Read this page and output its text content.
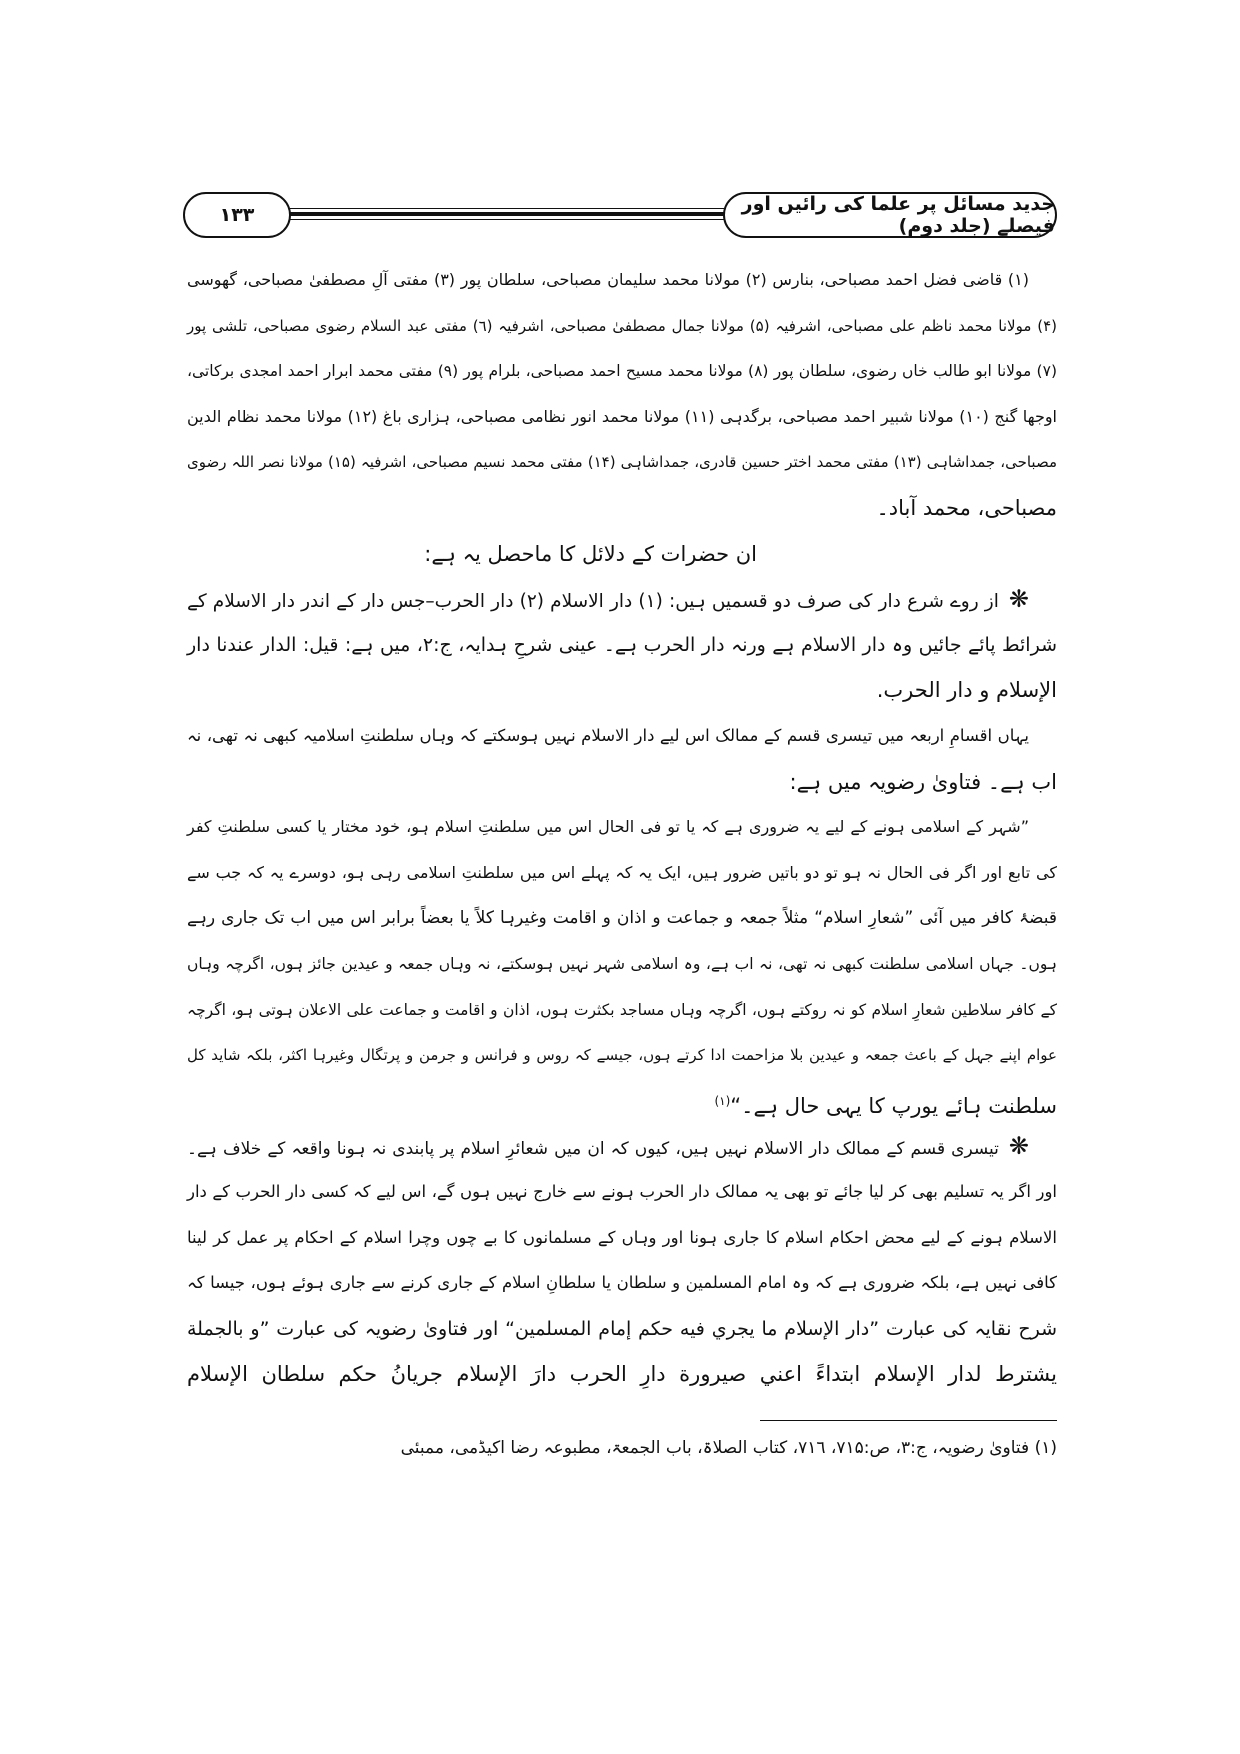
جدید مسائل پر علما کی رائیں اور فیصلے (جلد دوم)
۱۳۳
(۱) قاضی فضل احمد مصباحی، بنارس (۲) مولانا محمد سلیمان مصباحی، سلطان پور (۳) مفتی آلِ مصطفیٰ مصباحی، گھوسی
(۴) مولانا محمد ناظم علی مصباحی، اشرفیہ (۵) مولانا جمال مصطفیٰ مصباحی، اشرفیہ (٦) مفتی عبد السلام رضوی مصباحی، تلشی پور
(۷) مولانا ابو طالب خاں رضوی، سلطان پور (۸) مولانا محمد مسیح احمد مصباحی، بلرام پور (۹) مفتی محمد ابرار احمد امجدی برکاتی،
اوجھا گنج (۱۰) مولانا شبیر احمد مصباحی، برگدہی (۱۱) مولانا محمد انور نظامی مصباحی، ہزاری باغ (۱۲) مولانا محمد نظام الدین
مصباحی، جمداشاہی (۱۳) مفتی محمد اختر حسین قادری، جمداشاہی (۱۴) مفتی محمد نسیم مصباحی، اشرفیہ (۱۵) مولانا نصر اللہ رضوی
مصباحی، محمد آباد۔
ان حضرات کے دلائل کا ماحصل یہ ہے:
❋از روے شرع دار کی صرف دو قسمیں ہیں: (۱) دار الاسلام (۲) دار الحرب–جس دار کے اندر دار الاسلام کے
شرائط پائے جائیں وہ دار الاسلام ہے ورنہ دار الحرب ہے۔ عینی شرحِ ہدایہ، ج:۲، میں ہے: قیل: الدار عندنا دار
الإسلام و دار الحرب.
یہاں اقسامِ اربعہ میں تیسری قسم کے ممالک اس لیے دار الاسلام نہیں ہوسکتے کہ وہاں سلطنتِ اسلامیہ کبھی نہ تھی، نہ
اب ہے۔ فتاویٰ رضویہ میں ہے:
”شہر کے اسلامی ہونے کے لیے یہ ضروری ہے کہ یا تو فی الحال اس میں سلطنتِ اسلام ہو، خود مختار یا کسی سلطنتِ کفر
کی تابع اور اگر فی الحال نہ ہو تو دو باتیں ضرور ہیں، ایک یہ کہ پہلے اس میں سلطنتِ اسلامی رہی ہو، دوسرے یہ کہ جب سے
قبضۂ کافر میں آئی ”شعارِ اسلام“ مثلاً جمعہ و جماعت و اذان و اقامت وغیرہا کلاً یا بعضاً برابر اس میں اب تک جاری رہے
ہوں۔ جہاں اسلامی سلطنت کبھی نہ تھی، نہ اب ہے، وہ اسلامی شہر نہیں ہوسکتے، نہ وہاں جمعہ و عیدین جائز ہوں، اگرچہ وہاں
کے کافر سلاطین شعارِ اسلام کو نہ روکتے ہوں، اگرچہ وہاں مساجد بکثرت ہوں، اذان و اقامت و جماعت علی الاعلان ہوتی ہو، اگرچہ
عوام اپنے جہل کے باعث جمعہ و عیدین بلا مزاحمت ادا کرتے ہوں، جیسے کہ روس و فرانس و جرمن و پرتگال وغیرہا اکثر، بلکہ شاید کل
سلطنت ہائے یورپ کا یہی حال ہے۔“$^{(۱)}$
❋تیسری قسم کے ممالک دار الاسلام نہیں ہیں، کیوں کہ ان میں شعائرِ اسلام پر پابندی نہ ہونا واقعہ کے خلاف ہے۔
اور اگر یہ تسلیم بھی کر لیا جائے تو بھی یہ ممالک دار الحرب ہونے سے خارج نہیں ہوں گے، اس لیے کہ کسی دار الحرب کے دار
الاسلام ہونے کے لیے محض احکام اسلام کا جاری ہونا اور وہاں کے مسلمانوں کا بے چوں وچرا اسلام کے احکام پر عمل کر لینا
کافی نہیں ہے، بلکہ ضروری ہے کہ وہ امام المسلمین و سلطان یا سلطانِ اسلام کے جاری کرنے سے جاری ہوئے ہوں، جیسا کہ
شرح نقایہ کی عبارت ”دار الإسلام ما يجري فيه حكم إمام المسلمين“ اور فتاویٰ رضویہ کی عبارت ”و بالجملة
يشترط لدار الإسلام ابتداءً اعني صيرورة دارِ الحرب دارَ الإسلام جريانُ حكم سلطان الإسلام
(۱) فتاویٰ رضویہ، ج:۳، ص:۷۱۵، ۷۱٦، کتاب الصلاۃ، باب الجمعۃ، مطبوعہ رضا اکیڈمی، ممبئی
